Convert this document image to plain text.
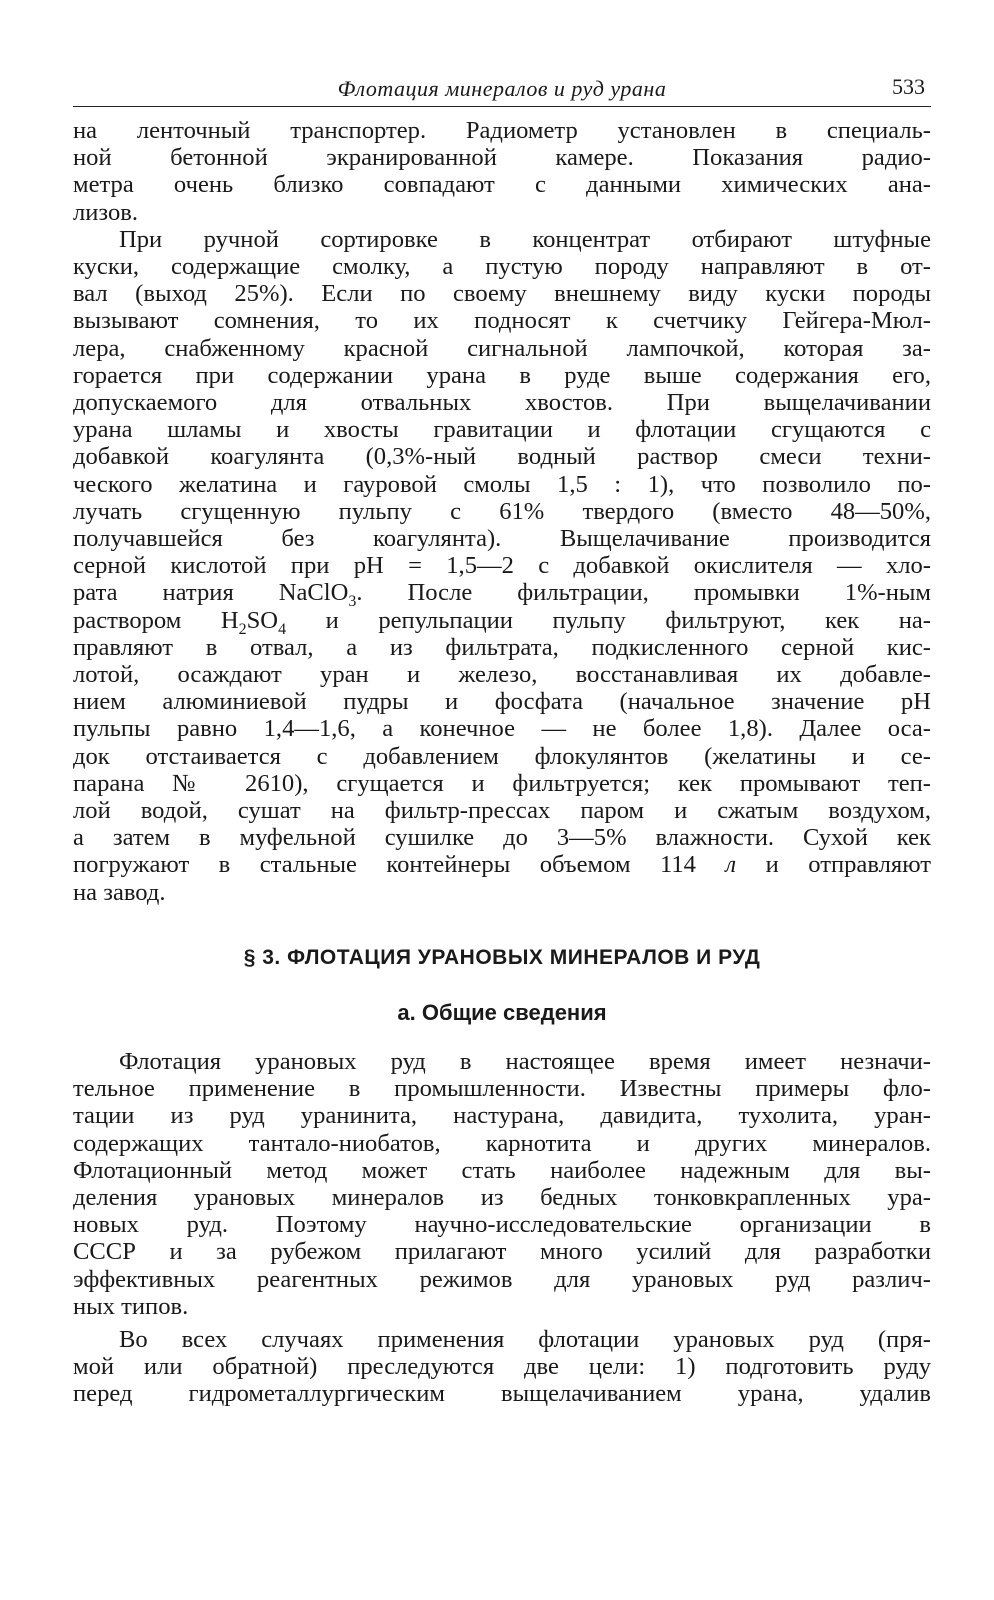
Флотация минералов и руд урана	533
на ленточный транспортер. Радиометр установлен в специаль-
ной бетонной экранированной камере. Показания радио-
метра очень близко совпадают с данными химических ана-
лизов.
При ручной сортировке в концентрат отбирают штуфные
куски, содержащие смолку, а пустую породу направляют в от-
вал (выход 25%). Если по своему внешнему виду куски породы
вызывают сомнения, то их подносят к счетчику Гейгера-Мюл-
лера, снабженному красной сигнальной лампочкой, которая за-
горается при содержании урана в руде выше содержания его,
допускаемого для отвальных хвостов. При выщелачивании
урана шламы и хвосты гравитации и флотации сгущаются с
добавкой коагулянта (0,3%-ный водный раствор смеси техни-
ческого желатина и гауровой смолы 1,5 : 1), что позволило по-
лучать сгущенную пульпу с 61% твердого (вместо 48—50%,
получавшейся без коагулянта). Выщелачивание производится
серной кислотой при pH = 1,5—2 с добавкой окислителя — хло-
рата натрия NaClO$_3$. После фильтрации, промывки 1%-ным
раствором $H_2SO_4$ и репульпации пульпу фильтруют, кек на-
правляют в отвал, а из фильтрата, подкисленного серной кис-
лотой, осаждают уран и железо, восстанавливая их добавле-
нием алюминиевой пудры и фосфата (начальное значение pH
пульпы равно 1,4—1,6, а конечное — не более 1,8). Далее оса-
док отстаивается с добавлением флокулянтов (желатины и се-
парана № 2610), сгущается и фильтруется; кек промывают теп-
лой водой, сушат на фильтр-прессах паром и сжатым воздухом,
а затем в муфельной сушилке до 3—5% влажности. Сухой кек
погружают в стальные контейнеры объемом 114 л и отправляют
на завод.
§ 3. ФЛОТАЦИЯ УРАНОВЫХ МИНЕРАЛОВ И РУД
а. Общие сведения
Флотация урановых руд в настоящее время имеет незначи-
тельное применение в промышленности. Известны примеры фло-
тации из руд уранинита, настурана, давидита, тухолита, уран-
содержащих тантало-ниобатов, карнотита и других минералов.
Флотационный метод может стать наиболее надежным для вы-
деления урановых минералов из бедных тонковкрапленных ура-
новых руд. Поэтому научно-исследовательские организации в
СССР и за рубежом прилагают много усилий для разработки
эффективных реагентных режимов для урановых руд различ-
ных типов.
Во всех случаях применения флотации урановых руд (пря-
мой или обратной) преследуются две цели: 1) подготовить руду
перед гидрометаллургическим выщелачиванием урана, удалив
